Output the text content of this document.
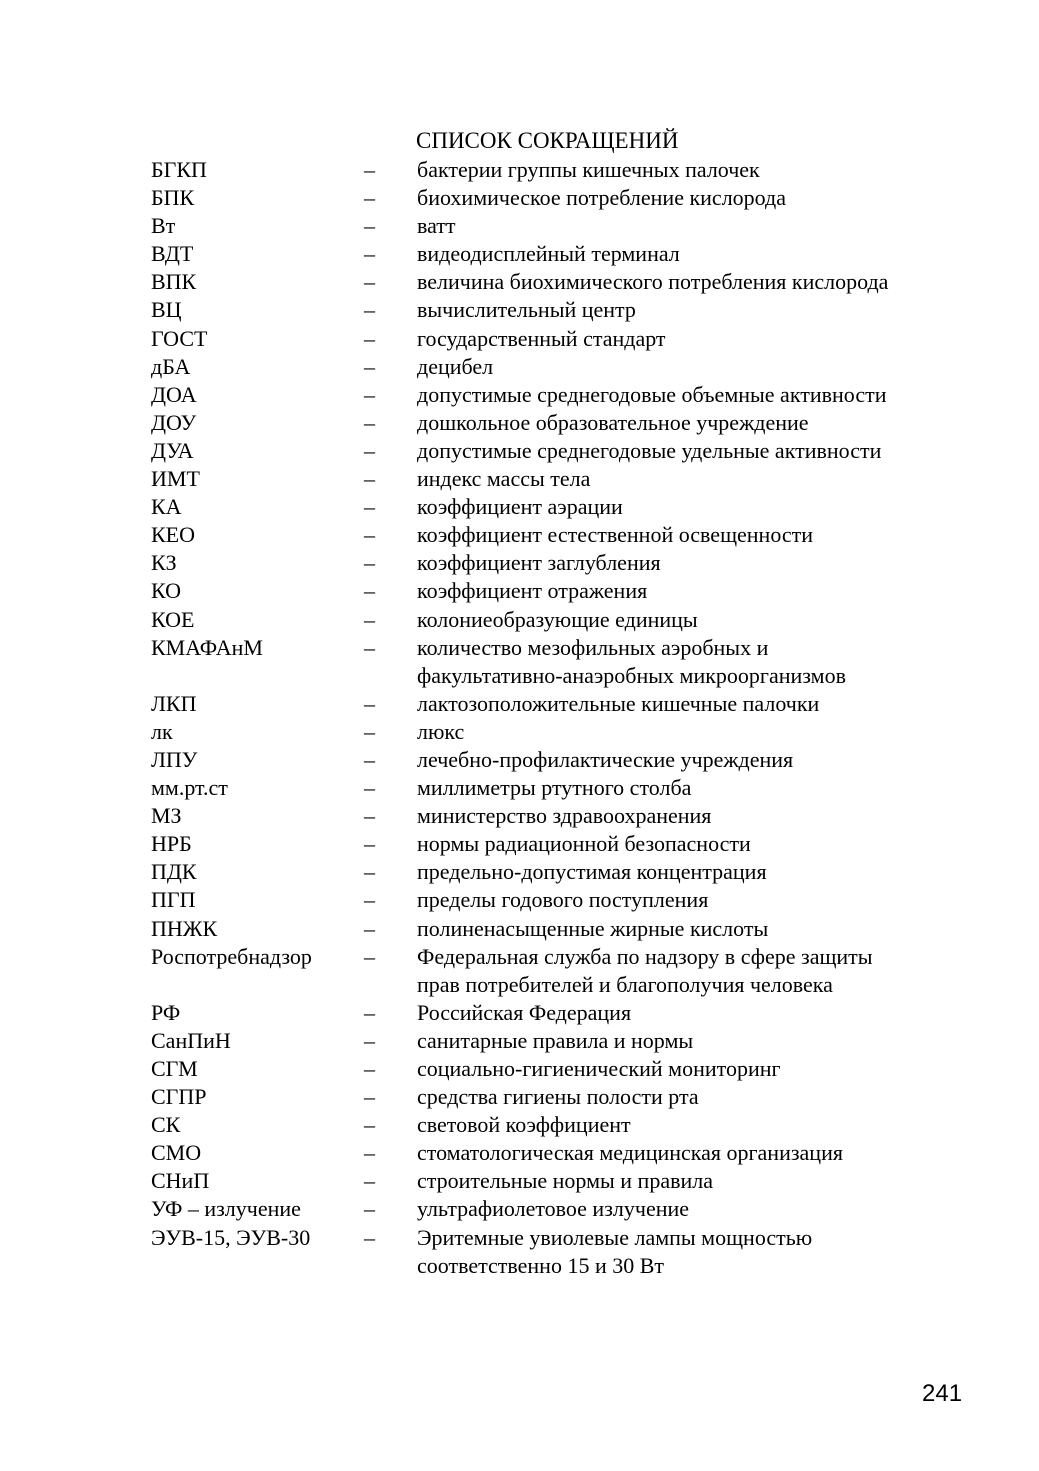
СПИСОК СОКРАЩЕНИЙ
БГКП	–	бактерии группы кишечных палочек
БПК	–	биохимическое потребление кислорода
Вт	–	ватт
ВДТ	–	видеодисплейный терминал
ВПК	–	величина биохимического потребления кислорода
ВЦ	–	вычислительный центр
ГОСТ	–	государственный стандарт
дБА	–	децибел
ДОА	–	допустимые среднегодовые объемные активности
ДОУ	–	дошкольное образовательное учреждение
ДУА	–	допустимые среднегодовые удельные активности
ИМТ	–	индекс массы тела
КА	–	коэффициент аэрации
КЕО	–	коэффициент естественной освещенности
КЗ	–	коэффициент заглубления
КО	–	коэффициент отражения
КОЕ	–	колониеобразующие единицы
КМАФАнМ	–	количество мезофильных аэробных и
факультативно-анаэробных микроорганизмов
ЛКП	–	лактозоположительные кишечные палочки
лк	–	люкс
ЛПУ	–	лечебно-профилактические учреждения
мм.рт.ст	–	миллиметры ртутного столба
МЗ	–	министерство здравоохранения
НРБ	–	нормы радиационной безопасности
ПДК	–	предельно-допустимая концентрация
ПГП	–	пределы годового поступления
ПНЖК	–	полиненасыщенные жирные кислоты
Роспотребнадзор	–	Федеральная служба по надзору в сфере защиты
прав потребителей и благополучия человека
РФ	–	Российская Федерация
СанПиН	–	санитарные правила и нормы
СГМ	–	социально-гигиенический мониторинг
СГПР	–	средства гигиены полости рта
СК	–	световой коэффициент
СМО	–	стоматологическая медицинская организация
СНиП	–	строительные нормы и правила
УФ – излучение	–	ультрафиолетовое излучение
ЭУВ-15, ЭУВ-30	–	Эритемные увиолевые лампы мощностью
соответственно 15 и 30 Вт
241
